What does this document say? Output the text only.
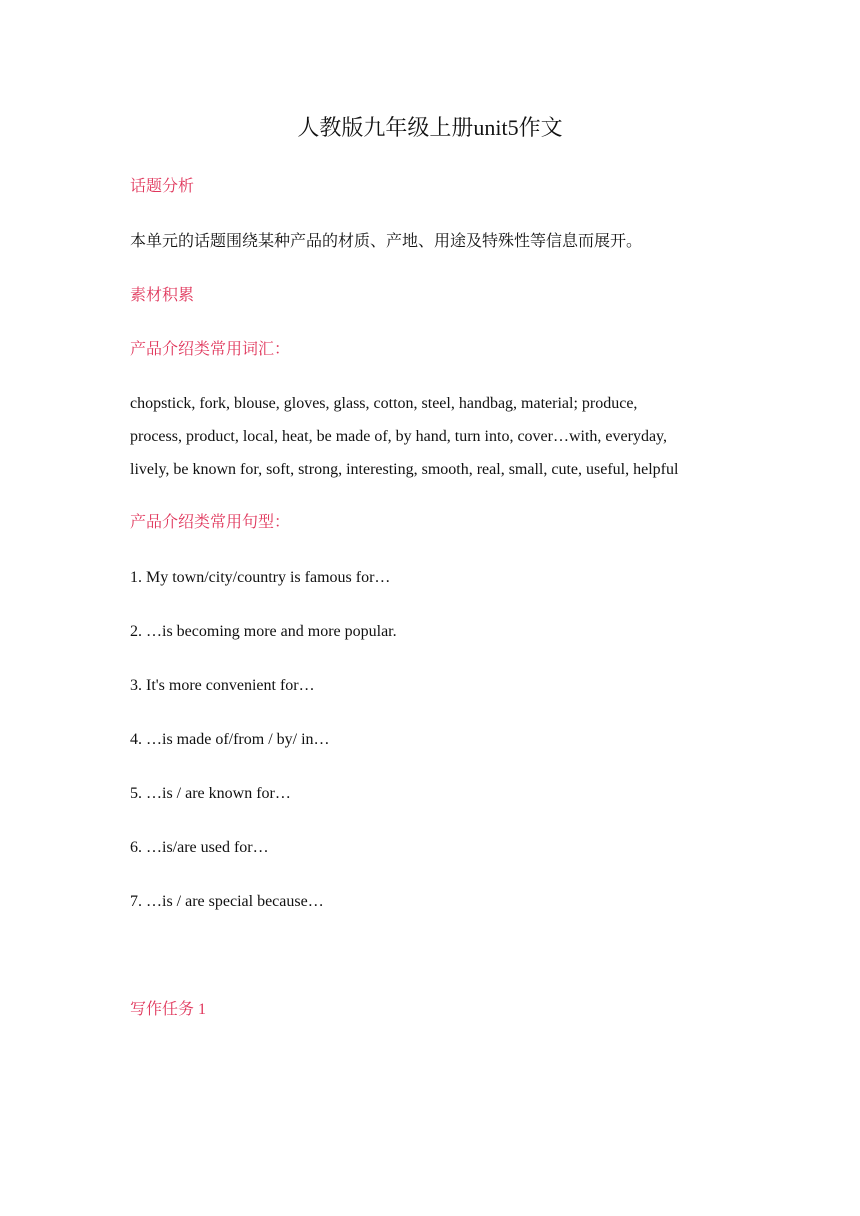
人教版九年级上册unit5作文
话题分析
本单元的话题围绕某种产品的材质、产地、用途及特殊性等信息而展开。
素材积累
产品介绍类常用词汇：
chopstick, fork, blouse, gloves, glass, cotton, steel, handbag, material; produce,
process, product, local, heat, be made of, by hand, turn into, cover…with, everyday,
lively, be known for, soft, strong, interesting, smooth, real, small, cute, useful, helpful
产品介绍类常用句型：
1. My town/city/country is famous for…
2. …is becoming more and more popular.
3. It's more convenient for…
4. …is made of/from / by/ in…
5. …is / are known for…
6. …is/are used for…
7. …is / are special because…
写作任务 1
